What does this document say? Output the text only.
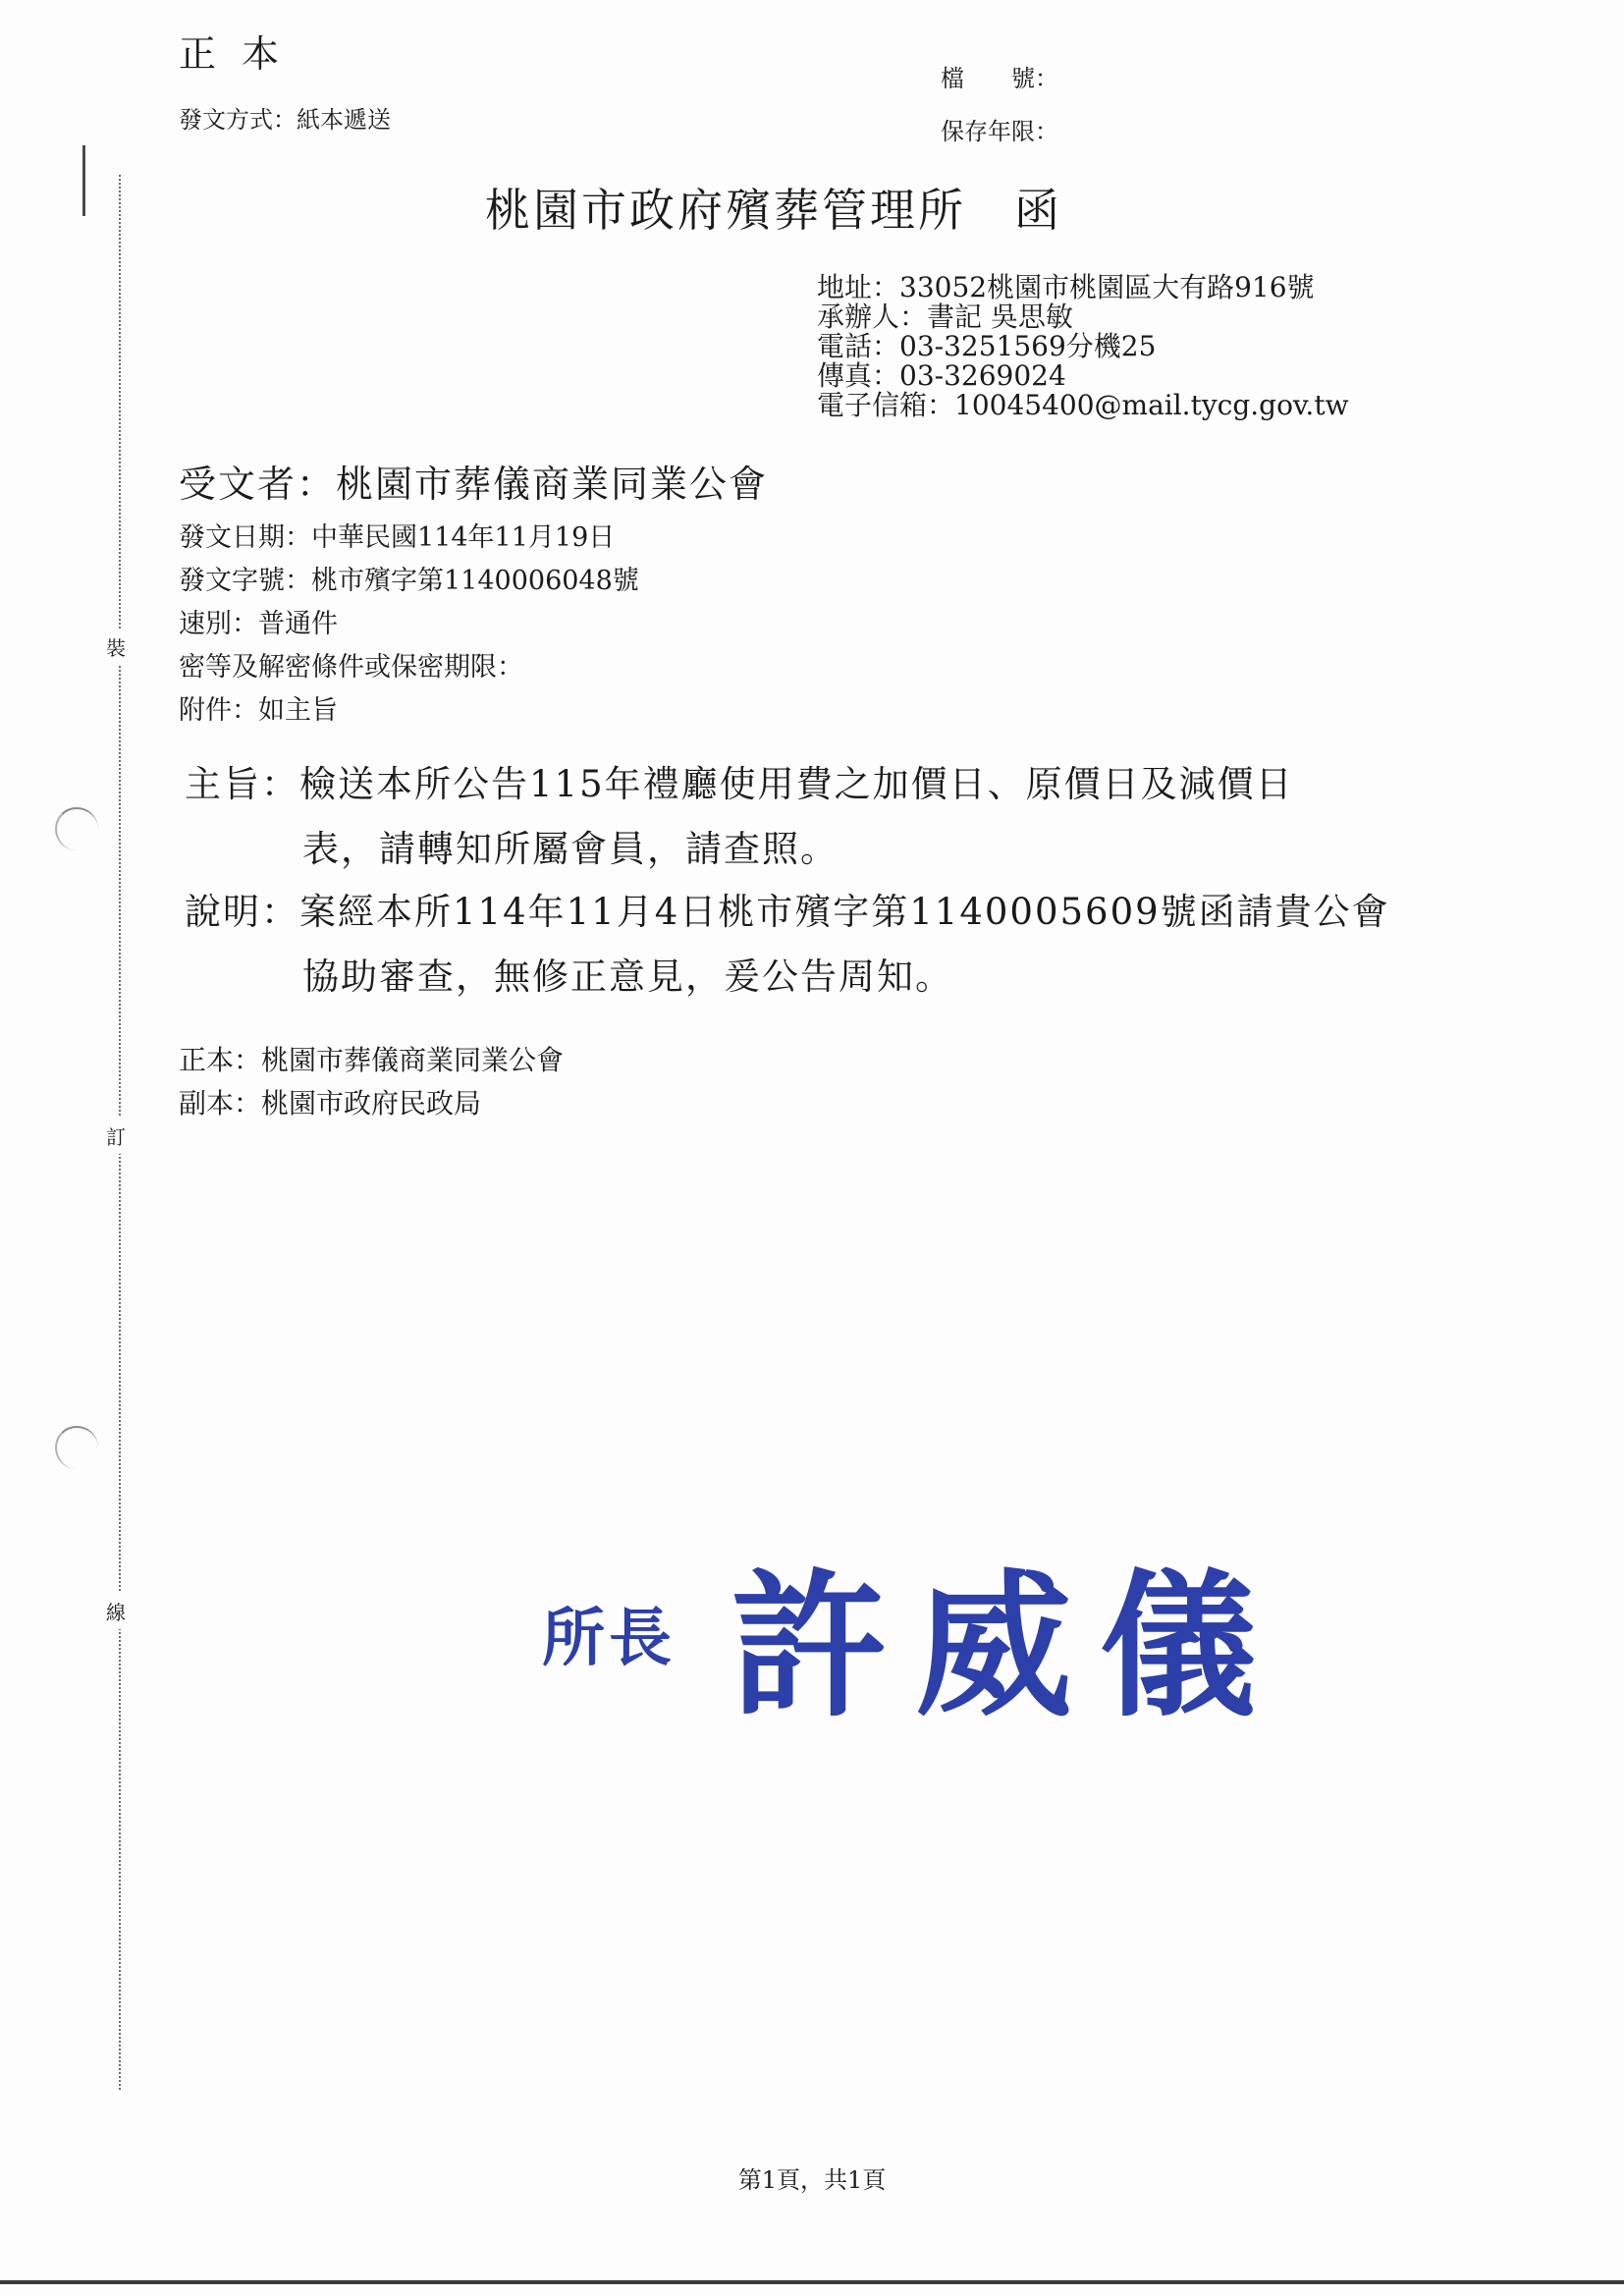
裝
訂
線
正本
發文方式：紙本遞送
檔　　號：
保存年限：
桃園市政府殯葬管理所　函
地址：33052桃園市桃園區大有路916號
承辦人：書記 吳思敏
電話：03-3251569分機25
傳真：03-3269024
電子信箱：10045400@mail.tycg.gov.tw
受文者：桃園市葬儀商業同業公會
發文日期：中華民國114年11月19日
發文字號：桃市殯字第1140006048號
速別：普通件
密等及解密條件或保密期限：
附件：如主旨
主旨：檢送本所公告115年禮廳使用費之加價日、原價日及減價日
表，請轉知所屬會員，請查照。
說明：案經本所114年11月4日桃市殯字第1140005609號函請貴公會
協助審查，無修正意見，爰公告周知。
正本：桃園市葬儀商業同業公會
副本：桃園市政府民政局
所長 許威儀
第1頁，共1頁
